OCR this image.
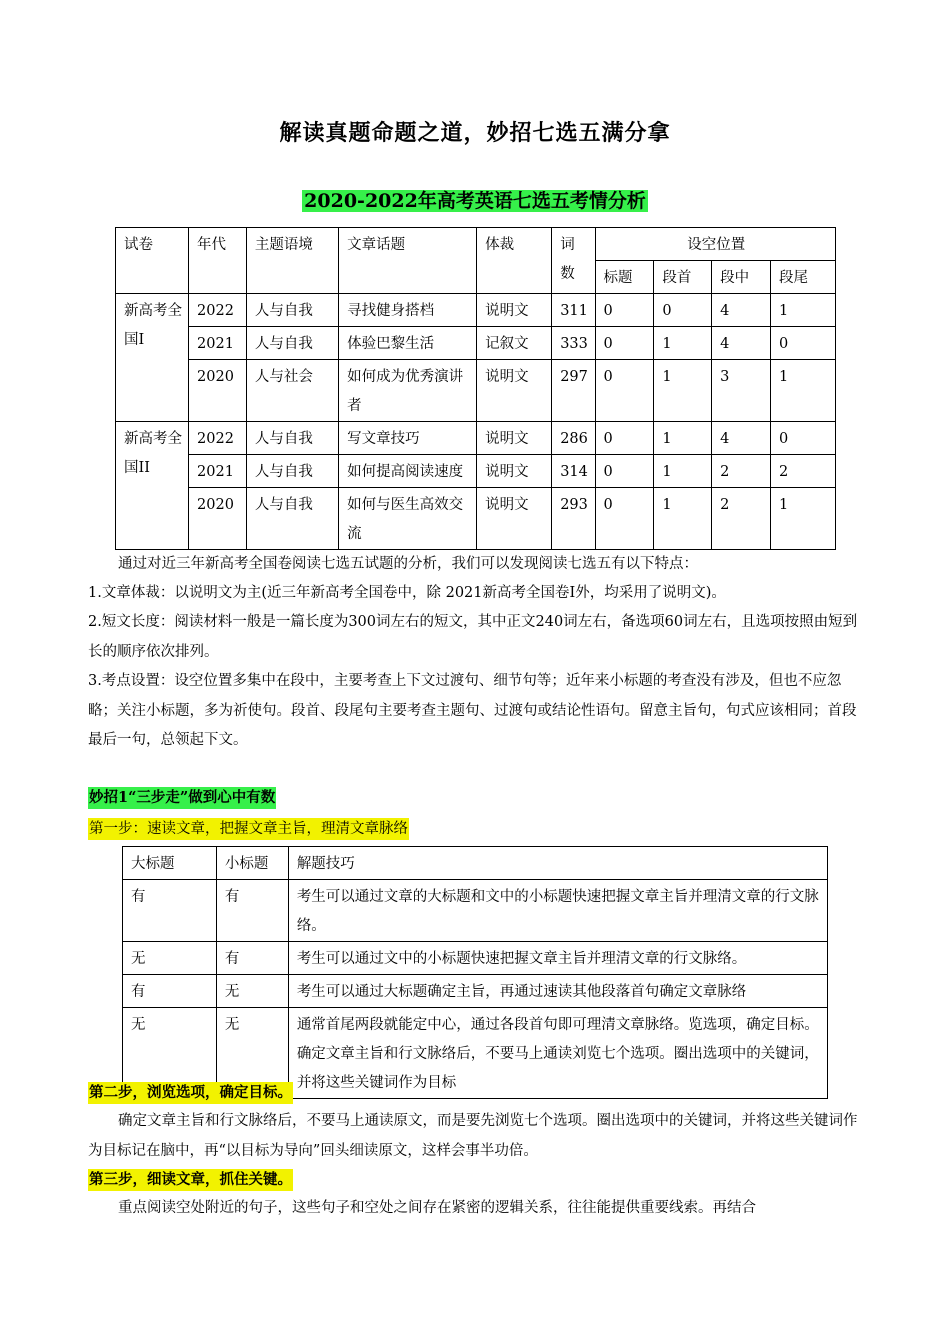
解读真题命题之道，妙招七选五满分拿
2020-2022年高考英语七选五考情分析
试卷	年代	主题语境	文章话题	体裁	词数	设空位置			
						标题	段首	段中	段尾
新高考全国I	2022	人与自我	寻找健身搭档	说明文	311	0	0	4	1
	2021	人与自我	体验巴黎生活	记叙文	333	0	1	4	0
	2020	人与社会	如何成为优秀演讲者	说明文	297	0	1	3	1
新高考全国II	2022	人与自我	写文章技巧	说明文	286	0	1	4	0
	2021	人与自我	如何提高阅读速度	说明文	314	0	1	2	2
	2020	人与自我	如何与医生高效交流	说明文	293	0	1	2	1
通过对近三年新高考全国卷阅读七选五试题的分析，我们可以发现阅读七选五有以下特点：
1.文章体裁：以说明文为主(近三年新高考全国卷中，除 2021新高考全国卷Ⅰ外，均采用了说明文)。
2.短文长度：阅读材料一般是一篇长度为300词左右的短文，其中正文240词左右，备选项60词左右，且选项按照由短到长的顺序依次排列。
3.考点设置：设空位置多集中在段中，主要考查上下文过渡句、细节句等；近年来小标题的考查没有涉及，但也不应忽略；关注小标题，多为祈使句。段首、段尾句主要考查主题句、过渡句或结论性语句。留意主旨句，句式应该相同；首段最后一句，总领起下文。
妙招1“三步走”做到心中有数
第一步：速读文章，把握文章主旨，理清文章脉络
大标题	小标题	解题技巧
有	有	考生可以通过文章的大标题和文中的小标题快速把握文章主旨并理清文章的行文脉络。
无	有	考生可以通过文中的小标题快速把握文章主旨并理清文章的行文脉络。
有	无	考生可以通过大标题确定主旨，再通过速读其他段落首句确定文章脉络
无	无	通常首尾两段就能定中心，通过各段首句即可理清文章脉络。览选项，确定目标。确定文章主旨和行文脉络后，不要马上通读刘览七个选项。圈出选项中的关键词，并将这些关键词作为目标
第二步，浏览选项，确定目标。
确定文章主旨和行文脉络后，不要马上通读原文，而是要先浏览七个选项。圈出选项中的关键词，并将这些关键词作为目标记在脑中，再“以目标为导向”回头细读原文，这样会事半功倍。
第三步，细读文章，抓住关键。
重点阅读空处附近的句子，这些句子和空处之间存在紧密的逻辑关系，往往能提供重要线索。再结合
